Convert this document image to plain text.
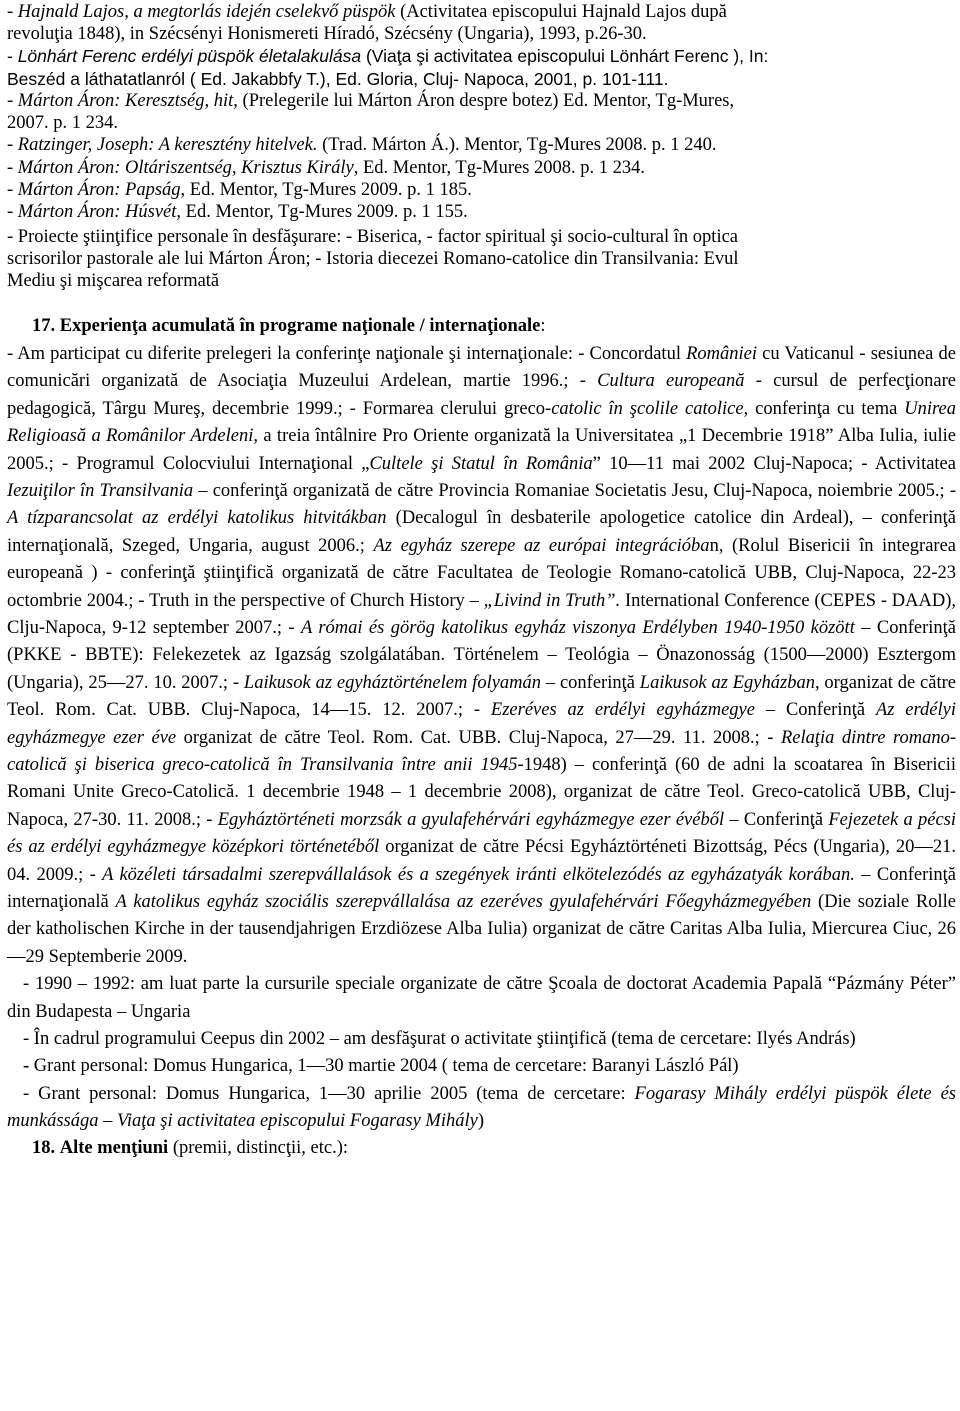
- Hajnald Lajos, a megtorlás idején cselekvő püspök (Activitatea episcopului Hajnald Lajos după
revoluţia 1848), in Szécsényi Honismereti Híradó, Szécsény (Ungaria), 1993, p.26-30.
- Lönhárt Ferenc erdélyi püspök életalakulása (Viaţa şi activitatea episcopului Lönhárt Ferenc ), In:
Beszéd a láthatatlanról ( Ed. Jakabbfy T.), Ed. Gloria, Cluj- Napoca, 2001, p. 101-111.
- Márton Áron: Keresztség, hit, (Prelegerile lui Márton Áron despre botez) Ed. Mentor, Tg-Mures,
2007. p. 1 234.
- Ratzinger, Joseph: A keresztény hitelvek. (Trad. Márton Á.). Mentor, Tg-Mures 2008. p. 1 240.
- Márton Áron: Oltáriszentség, Krisztus Király, Ed. Mentor, Tg-Mures 2008. p. 1 234.
- Márton Áron: Papság, Ed. Mentor, Tg-Mures 2009. p. 1 185.
- Márton Áron: Húsvét, Ed. Mentor, Tg-Mures 2009. p. 1 155.
- Proiecte ştiinţifice personale în desfăşurare: - Biserica, - factor spiritual şi socio-cultural în optica
scrisorilor pastorale ale lui Márton Áron; - Istoria diecezei Romano-catolice din Transilvania: Evul
Mediu şi mişcarea reformată
17. Experienţa acumulată în programe naţionale / internaţionale:
- Am participat cu diferite prelegeri la conferinţe naţionale şi internaţionale: - Concordatul României cu Vaticanul - sesiunea de comunicări organizată de Asociaţia Muzeului Ardelean, martie 1996.; - Cultura europeană - cursul de perfecţionare pedagogică, Târgu Mureş, decembrie 1999.; - Formarea clerului greco-catolic în şcolile catolice, conferinţa cu tema Unirea Religioasă a Românilor Ardeleni, a treia întâlnire Pro Oriente organizată la Universitatea „1 Decembrie 1918” Alba Iulia, iulie 2005.; - Programul Colocviului Internaţional „Cultele şi Statul în România” 10—11 mai 2002 Cluj-Napoca; - Activitatea Iezuiţilor în Transilvania – conferinţă organizată de către Provincia Romaniae Societatis Jesu, Cluj-Napoca, noiembrie 2005.; - A tízparancsolat az erdélyi katolikus hitvitákban (Decalogul în desbaterile apologetice catolice din Ardeal), – conferinţă internaţională, Szeged, Ungaria, august 2006.; Az egyház szerepe az európai integrációban, (Rolul Bisericii în integrarea europeană ) - conferinţă ştiinţifică organizată de către Facultatea de Teologie Romano-catolică UBB, Cluj-Napoca, 22-23 octombrie 2004.; - Truth in the perspective of Church History – „Livind in Truth”. International Conference (CEPES - DAAD), Clju-Napoca, 9-12 september 2007.; - A római és görög katolikus egyház viszonya Erdélyben 1940-1950 között – Conferinţă (PKKE - BBTE): Felekezetek az Igazság szolgálatában. Történelem – Teológia – Önazonosság (1500—2000) Esztergom (Ungaria), 25—27. 10. 2007.; - Laikusok az egyháztörténelem folyamán – conferinţă Laikusok az Egyházban, organizat de către Teol. Rom. Cat. UBB. Cluj-Napoca, 14—15. 12. 2007.; - Ezeréves az erdélyi egyházmegye – Conferinţă Az erdélyi egyházmegye ezer éve organizat de către Teol. Rom. Cat. UBB. Cluj-Napoca, 27—29. 11. 2008.; - Relaţia dintre romano-catolică şi biserica greco-catolică în Transilvania între anii 1945-1948) – conferinţă (60 de adni la scoatarea în Bisericii Romani Unite Greco-Catolică. 1 decembrie 1948 – 1 decembrie 2008), organizat de către Teol. Greco-catolică UBB, Cluj-Napoca, 27-30. 11. 2008.; - Egyháztörténeti morzsák a gyulafehérvári egyházmegye ezer évéből – Conferinţă Fejezetek a pécsi és az erdélyi egyházmegye középkori történetéből organizat de către Pécsi Egyháztörténeti Bizottság, Pécs (Ungaria), 20—21. 04. 2009.; - A közéleti társadalmi szerepvállalások és a szegények iránti elkötelezódés az egyházatyák korában. – Conferinţă internaţională A katolikus egyház szociális szerepvállalása az ezeréves gyulafehérvári Főegyházmegyében (Die soziale Rolle der katholischen Kirche in der tausendjahrigen Erzdiözese Alba Iulia) organizat de către Caritas Alba Iulia, Miercurea Ciuc, 26—29 Septemberie 2009.
- 1990 – 1992: am luat parte la cursurile speciale organizate de către Şcoala de doctorat Academia Papală “Pázmány Péter” din Budapesta – Ungaria
- În cadrul programului Ceepus din 2002 – am desfăşurat o activitate ştiinţifică (tema de cercetare: Ilyés András)
- Grant personal: Domus Hungarica, 1—30 martie 2004 ( tema de cercetare: Baranyi László Pál)
- Grant personal: Domus Hungarica, 1—30 aprilie 2005 (tema de cercetare: Fogarasy Mihály erdélyi püspök élete és munkássága – Viaţa şi activitatea episcopului Fogarasy Mihály)
18. Alte menţiuni (premii, distincţii, etc.):
